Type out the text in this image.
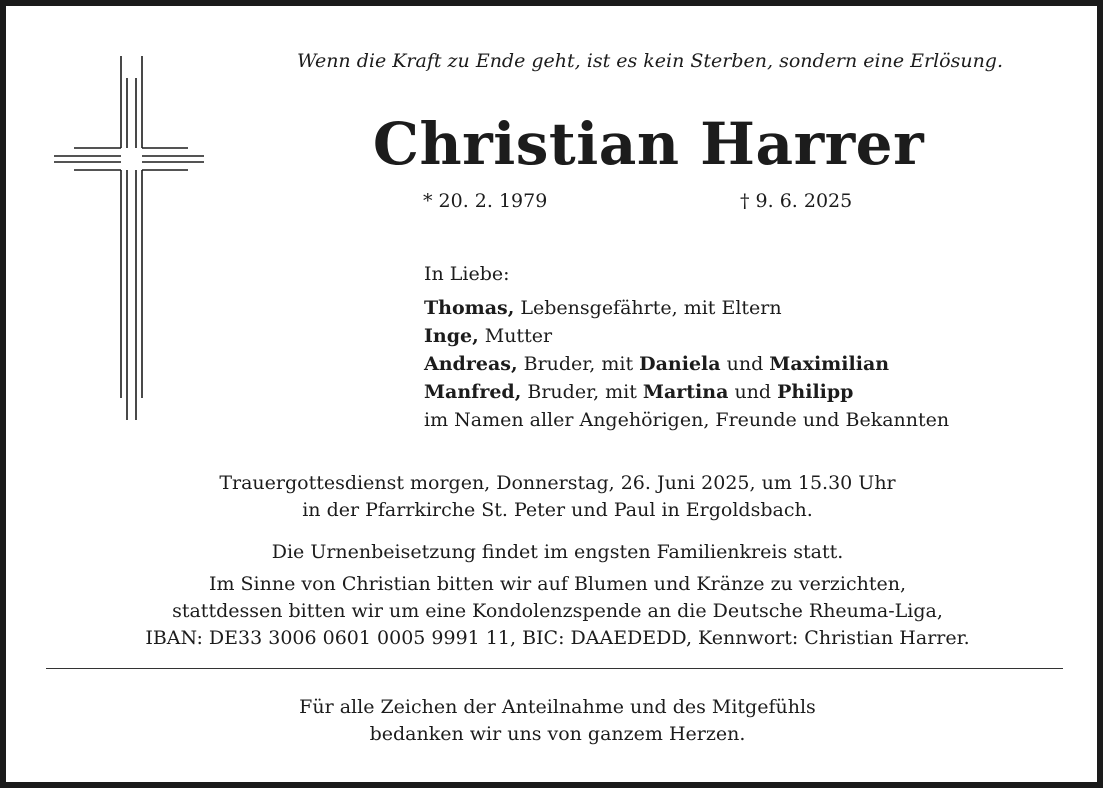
Wenn die Kraft zu Ende geht, ist es kein Sterben, sondern eine Erlösung.
Christian Harrer
* 20. 2. 1979	† 9. 6. 2025
In Liebe:
Thomas, Lebensgefährte, mit Eltern
Inge, Mutter
Andreas, Bruder, mit Daniela und Maximilian
Manfred, Bruder, mit Martina und Philipp
im Namen aller Angehörigen, Freunde und Bekannten
Trauergottesdienst morgen, Donnerstag, 26. Juni 2025, um 15.30 Uhr
in der Pfarrkirche St. Peter und Paul in Ergoldsbach.
Die Urnenbeisetzung findet im engsten Familienkreis statt.
Im Sinne von Christian bitten wir auf Blumen und Kränze zu verzichten,
stattdessen bitten wir um eine Kondolenzspende an die Deutsche Rheuma-Liga,
IBAN: DE33 3006 0601 0005 9991 11, BIC: DAAEDEDD, Kennwort: Christian Harrer.
Für alle Zeichen der Anteilnahme und des Mitgefühls
bedanken wir uns von ganzem Herzen.
